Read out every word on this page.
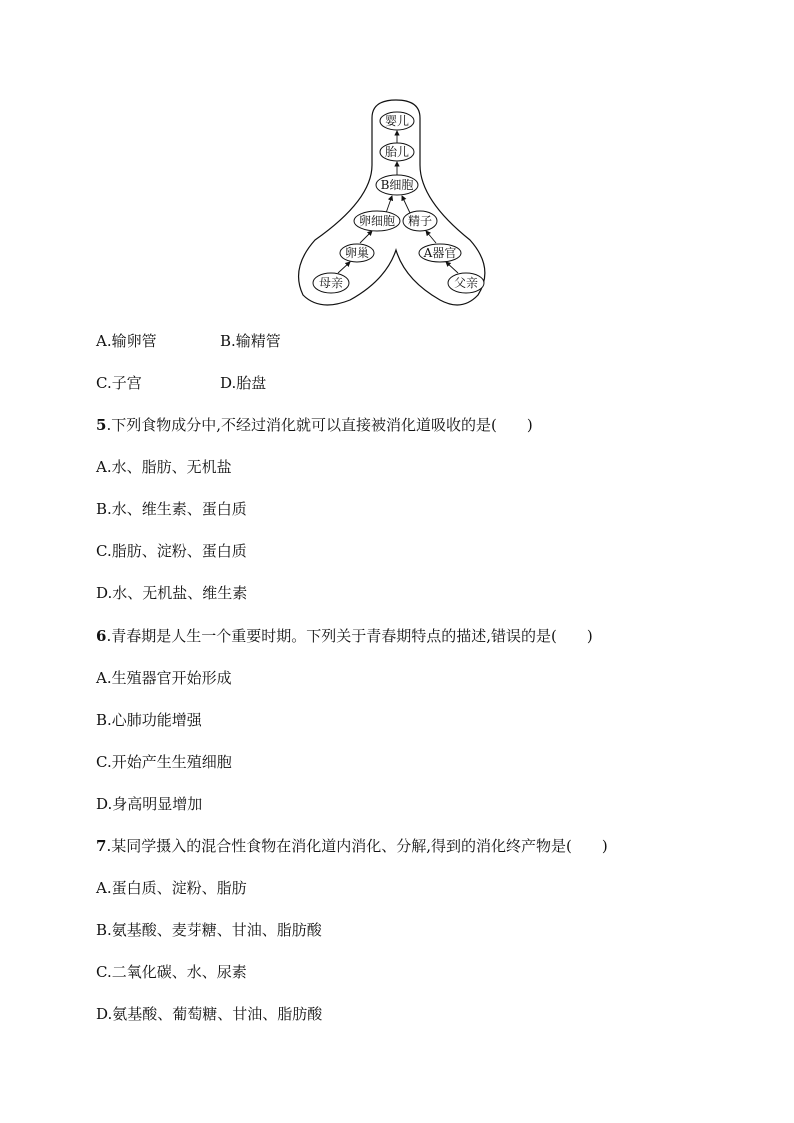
婴儿
胎儿
B细胞
卵细胞 精子
卵巢	A器官
母亲	父亲
A.输卵管	B.输精管
C.子宫	D.胎盘
5.下列食物成分中,不经过消化就可以直接被消化道吸收的是( )
A.水、脂肪、无机盐
B.水、维生素、蛋白质
C.脂肪、淀粉、蛋白质
D.水、无机盐、维生素
6.青春期是人生一个重要时期。下列关于青春期特点的描述,错误的是( )
A.生殖器官开始形成
B.心肺功能增强
C.开始产生生殖细胞
D.身高明显增加
7.某同学摄入的混合性食物在消化道内消化、分解,得到的消化终产物是( )
A.蛋白质、淀粉、脂肪
B.氨基酸、麦芽糖、甘油、脂肪酸
C.二氧化碳、水、尿素
D.氨基酸、葡萄糖、甘油、脂肪酸
